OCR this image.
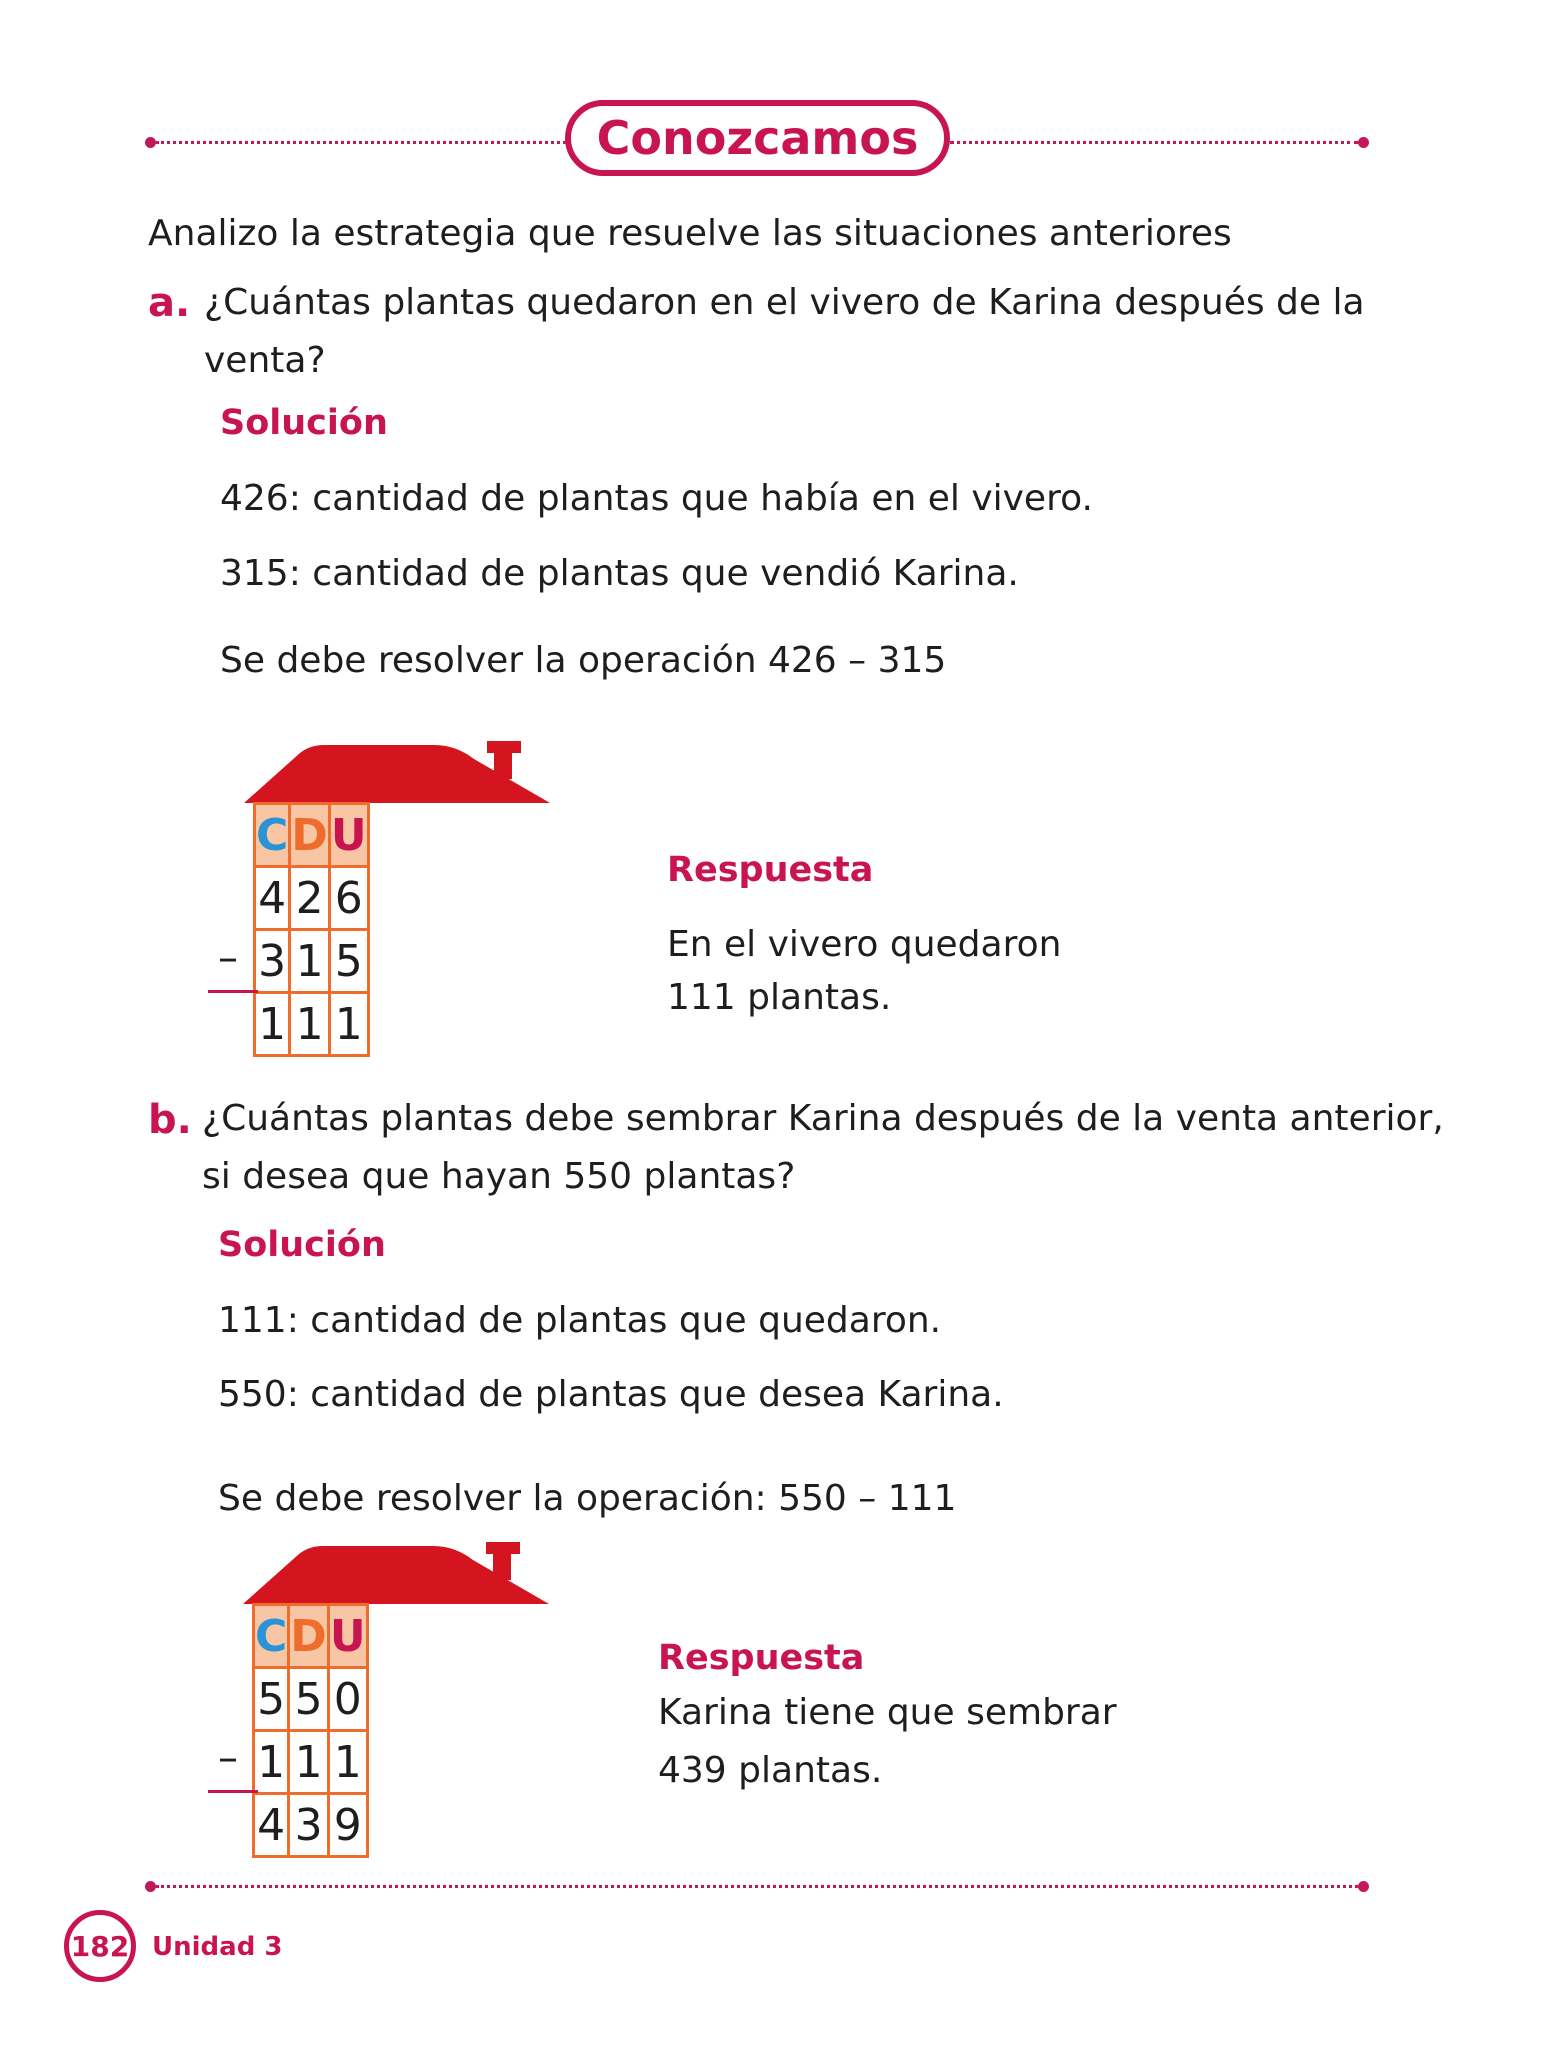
Conozcamos
Analizo la estrategia que resuelve las situaciones anteriores
a. ¿Cuántas plantas quedaron en el vivero de Karina después de la
venta?
Solución
426: cantidad de plantas que había en el vivero.
315: cantidad de plantas que vendió Karina.
Se debe resolver la operación 426 – 315
C	D	U
4	2	6
3	1	5
1	1	1
–
Respuesta
En el vivero quedaron
111 plantas.
b. ¿Cuántas plantas debe sembrar Karina después de la venta anterior,
si desea que hayan 550 plantas?
Solución
111: cantidad de plantas que quedaron.
550: cantidad de plantas que desea Karina.
Se debe resolver la operación: 550 – 111
C	D	U
5	5	0
1	1	1
4	3	9
–
Respuesta
Karina tiene que sembrar
439 plantas.
182 Unidad 3
